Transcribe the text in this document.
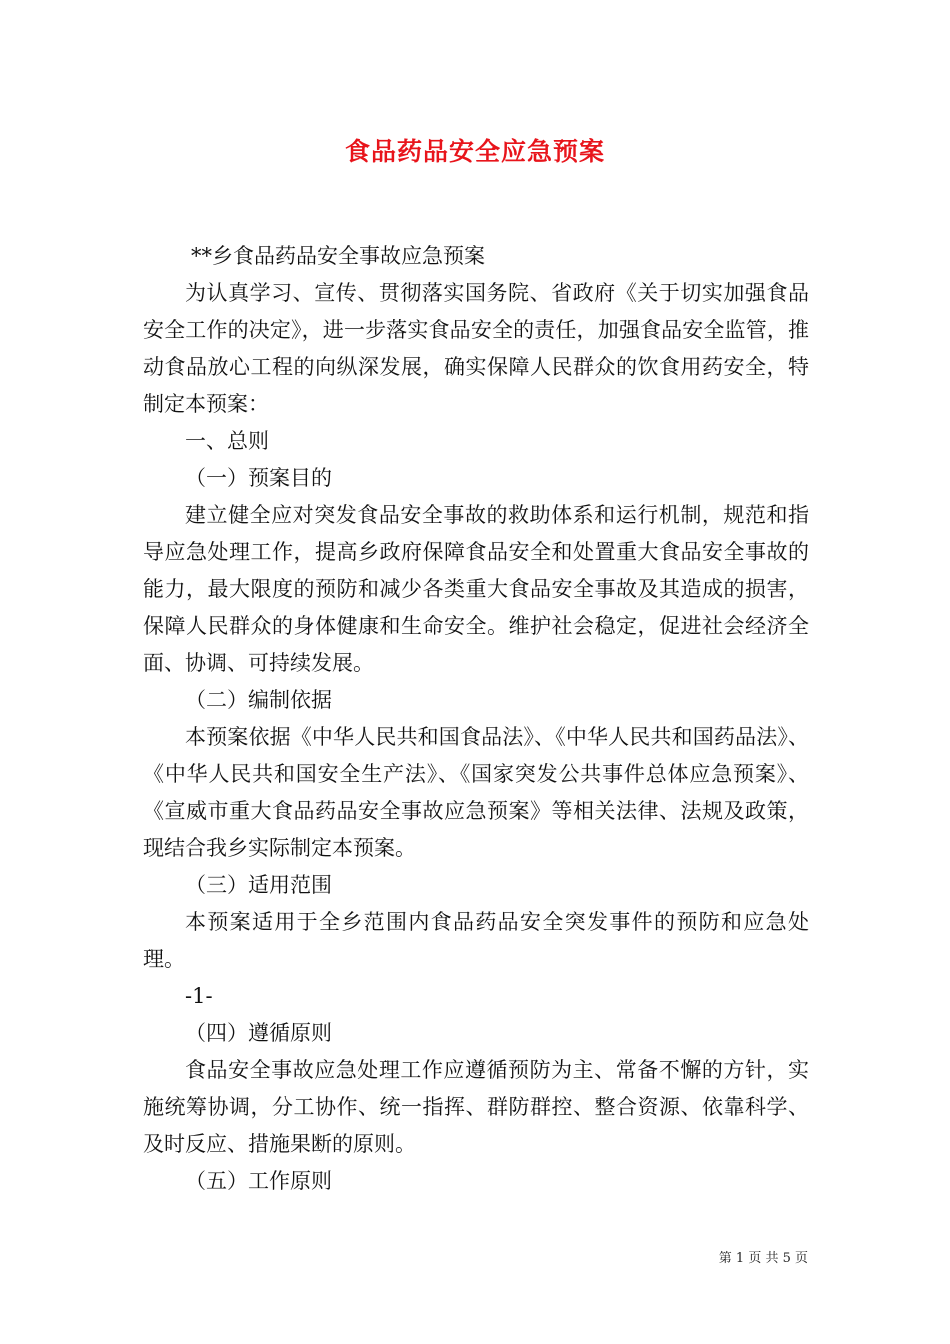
食品药品安全应急预案

**乡食品药品安全事故应急预案

为认真学习、宣传、贯彻落实国务院、省政府《关于切实加强食品安全工作的决定》，进一步落实食品安全的责任，加强食品安全监管，推动食品放心工程的向纵深发展，确实保障人民群众的饮食用药安全，特制定本预案：

一、总则

（一）预案目的

建立健全应对突发食品安全事故的救助体系和运行机制，规范和指导应急处理工作，提高乡政府保障食品安全和处置重大食品安全事故的能力，最大限度的预防和减少各类重大食品安全事故及其造成的损害，保障人民群众的身体健康和生命安全。维护社会稳定，促进社会经济全面、协调、可持续发展。

（二）编制依据

本预案依据《中华人民共和国食品法》、《中华人民共和国药品法》、《中华人民共和国安全生产法》、《国家突发公共事件总体应急预案》、《宣威市重大食品药品安全事故应急预案》等相关法律、法规及政策，现结合我乡实际制定本预案。

（三）适用范围

本预案适用于全乡范围内食品药品安全突发事件的预防和应急处理。

-1-

（四）遵循原则

食品安全事故应急处理工作应遵循预防为主、常备不懈的方针，实施统筹协调，分工协作、统一指挥、群防群控、整合资源、依靠科学、及时反应、措施果断的原则。

（五）工作原则

第 1 页 共 5 页
